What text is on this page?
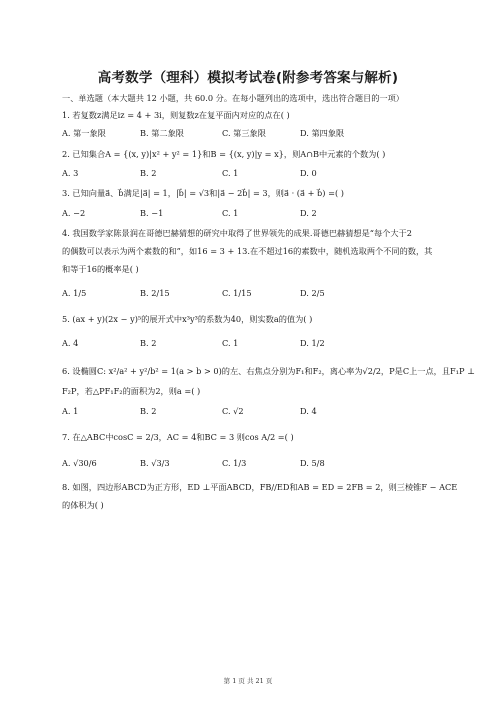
高考数学（理科）模拟考试卷(附参考答案与解析)
一、单选题（本大题共 12 小题，共 60.0 分。在每小题列出的选项中，选出符合题目的一项）
1. 若复数z满足iz = 4 + 3i，则复数z在复平面内对应的点在( )
A. 第一象限	B. 第二象限	C. 第三象限	D. 第四象限
2. 已知集合A = {(x, y)|x² + y² = 1}和B = {(x, y)|y = x}，则A∩B中元素的个数为( )
A. 3	B. 2	C. 1	D. 0
3. 已知向量a⃗、b⃗满足|a⃗| = 1，|b⃗| = √3和|a⃗ − 2b⃗| = 3，则a⃗ · (a⃗ + b⃗) =( )
A. −2	B. −1	C. 1	D. 2
4. 我国数学家陈景润在哥德巴赫猜想的研究中取得了世界领先的成果.哥德巴赫猜想是“每个大于2
的偶数可以表示为两个素数的和”，如16 = 3 + 13.在不超过16的素数中，随机选取两个不同的数，其
和等于16的概率是( )
A. 1/5	B. 2/15	C. 1/15	D. 2/5
5. (ax + y)(2x − y)⁵的展开式中x³y³的系数为40，则实数a的值为( )
A. 4	B. 2	C. 1	D. 1/2
6. 设椭圆C: x²/a² + y²/b² = 1(a > b > 0)的左、右焦点分别为F₁和F₂，离心率为√2/2，P是C上一点，且F₁P ⊥
F₂P，若△PF₁F₂的面积为2，则a =( )
A. 1	B. 2	C. √2	D. 4
7. 在△ABC中cosC = 2/3，AC = 4和BC = 3 则cos A/2 =( )
A. √30/6	B. √3/3	C. 1/3	D. 5/8
8. 如图，四边形ABCD为正方形，ED ⊥平面ABCD，FB//ED和AB = ED = 2FB = 2，则三棱锥F − ACE
的体积为( )
第 1 页 共 21 页
